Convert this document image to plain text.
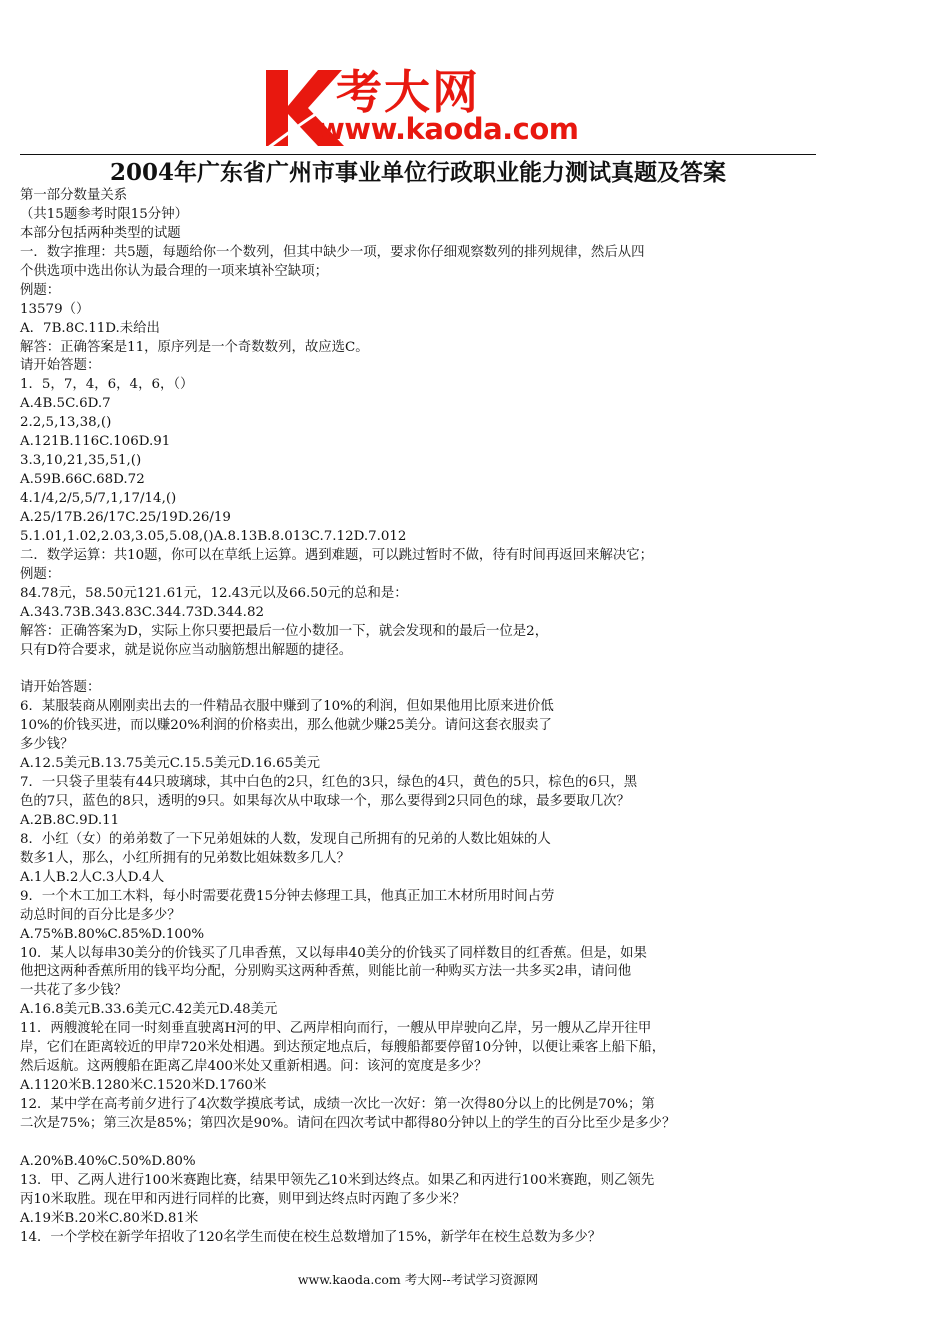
考大网
www.kaoda.com
2004年广东省广州市事业单位行政职业能力测试真题及答案
第一部分数量关系
（共15题参考时限15分钟）
本部分包括两种类型的试题
一．数字推理：共5题，每题给你一个数列，但其中缺少一项，要求你仔细观察数列的排列规律，然后从四
个供选项中选出你认为最合理的一项来填补空缺项；
例题：
13579（）
A．7B.8C.11D.未给出
解答：正确答案是11，原序列是一个奇数数列，故应选C。
请开始答题：
1．5，7，4，6，4，6，（）
A.4B.5C.6D.7
2.2,5,13,38,()
A.121B.116C.106D.91
3.3,10,21,35,51,()
A.59B.66C.68D.72
4.1/4,2/5,5/7,1,17/14,()
A.25/17B.26/17C.25/19D.26/19
5.1.01,1.02,2.03,3.05,5.08,()A.8.13B.8.013C.7.12D.7.012
二．数学运算：共10题，你可以在草纸上运算。遇到难题，可以跳过暂时不做，待有时间再返回来解决它；
例题：
84.78元，58.50元121.61元，12.43元以及66.50元的总和是：
A.343.73B.343.83C.344.73D.344.82
解答：正确答案为D，实际上你只要把最后一位小数加一下，就会发现和的最后一位是2，
只有D符合要求，就是说你应当动脑筋想出解题的捷径。
请开始答题：
6．某服装商从刚刚卖出去的一件精品衣服中赚到了10%的利润，但如果他用比原来进价低
10%的价钱买进，而以赚20%利润的价格卖出，那么他就少赚25美分。请问这套衣服卖了
多少钱？
A.12.5美元B.13.75美元C.15.5美元D.16.65美元
7．一只袋子里装有44只玻璃球，其中白色的2只，红色的3只，绿色的4只，黄色的5只，棕色的6只，黑
色的7只，蓝色的8只，透明的9只。如果每次从中取球一个，那么要得到2只同色的球，最多要取几次？
A.2B.8C.9D.11
8．小红（女）的弟弟数了一下兄弟姐妹的人数，发现自己所拥有的兄弟的人数比姐妹的人
数多1人，那么，小红所拥有的兄弟数比姐妹数多几人？
A.1人B.2人C.3人D.4人
9．一个木工加工木料，每小时需要花费15分钟去修理工具，他真正加工木材所用时间占劳
动总时间的百分比是多少？
A.75%B.80%C.85%D.100%
10．某人以每串30美分的价钱买了几串香蕉，又以每串40美分的价钱买了同样数目的红香蕉。但是，如果
他把这两种香蕉所用的钱平均分配，分别购买这两种香蕉，则能比前一种购买方法一共多买2串，请问他
一共花了多少钱？
A.16.8美元B.33.6美元C.42美元D.48美元
11．两艘渡轮在同一时刻垂直驶离H河的甲、乙两岸相向而行，一艘从甲岸驶向乙岸，另一艘从乙岸开往甲
岸，它们在距离较近的甲岸720米处相遇。到达预定地点后，每艘船都要停留10分钟，以便让乘客上船下船，
然后返航。这两艘船在距离乙岸400米处又重新相遇。问：该河的宽度是多少？
A.1120米B.1280米C.1520米D.1760米
12．某中学在高考前夕进行了4次数学摸底考试，成绩一次比一次好：第一次得80分以上的比例是70%；第
二次是75%；第三次是85%；第四次是90%。请问在四次考试中都得80分钟以上的学生的百分比至少是多少？
A.20%B.40%C.50%D.80%
13．甲、乙两人进行100米赛跑比赛，结果甲领先乙10米到达终点。如果乙和丙进行100米赛跑，则乙领先
丙10米取胜。现在甲和丙进行同样的比赛，则甲到达终点时丙跑了多少米？
A.19米B.20米C.80米D.81米
14．一个学校在新学年招收了120名学生而使在校生总数增加了15%，新学年在校生总数为多少？
www.kaoda.com 考大网--考试学习资源网
